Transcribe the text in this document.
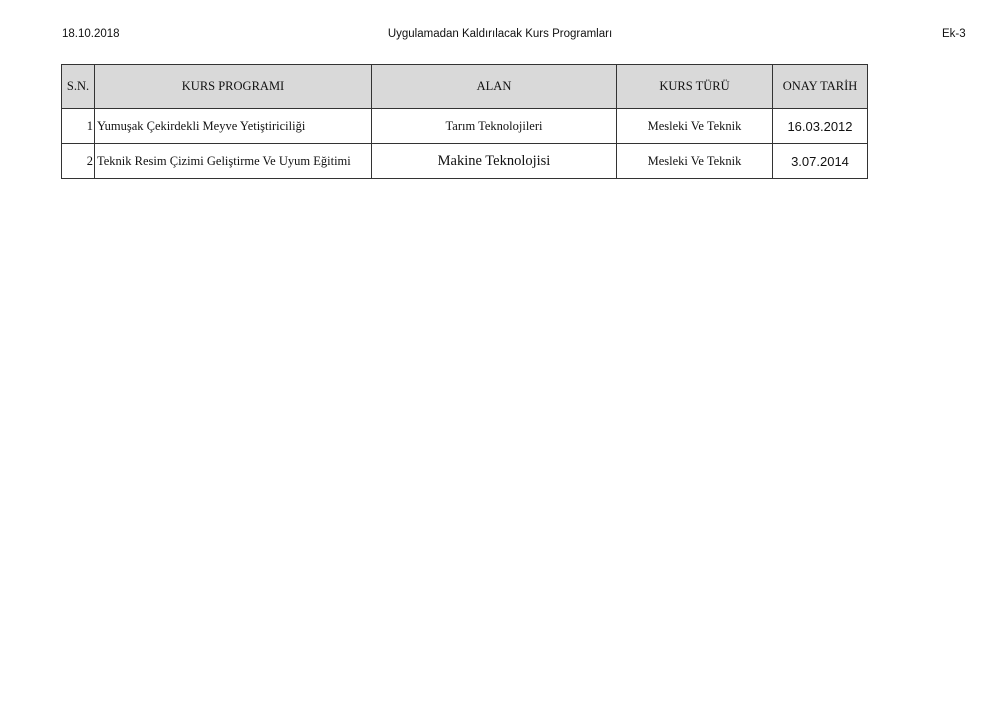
18.10.2018	Uygulamadan Kaldırılacak Kurs Programları	Ek-3
S.N.	KURS PROGRAMI	ALAN	KURS TÜRÜ	ONAY TARİH
1	Yumuşak Çekirdekli Meyve Yetiştiriciliği	Tarım Teknolojileri	Mesleki Ve Teknik	16.03.2012
2	Teknik Resim Çizimi Geliştirme Ve Uyum Eğitimi	Makine Teknolojisi	Mesleki Ve Teknik	3.07.2014
